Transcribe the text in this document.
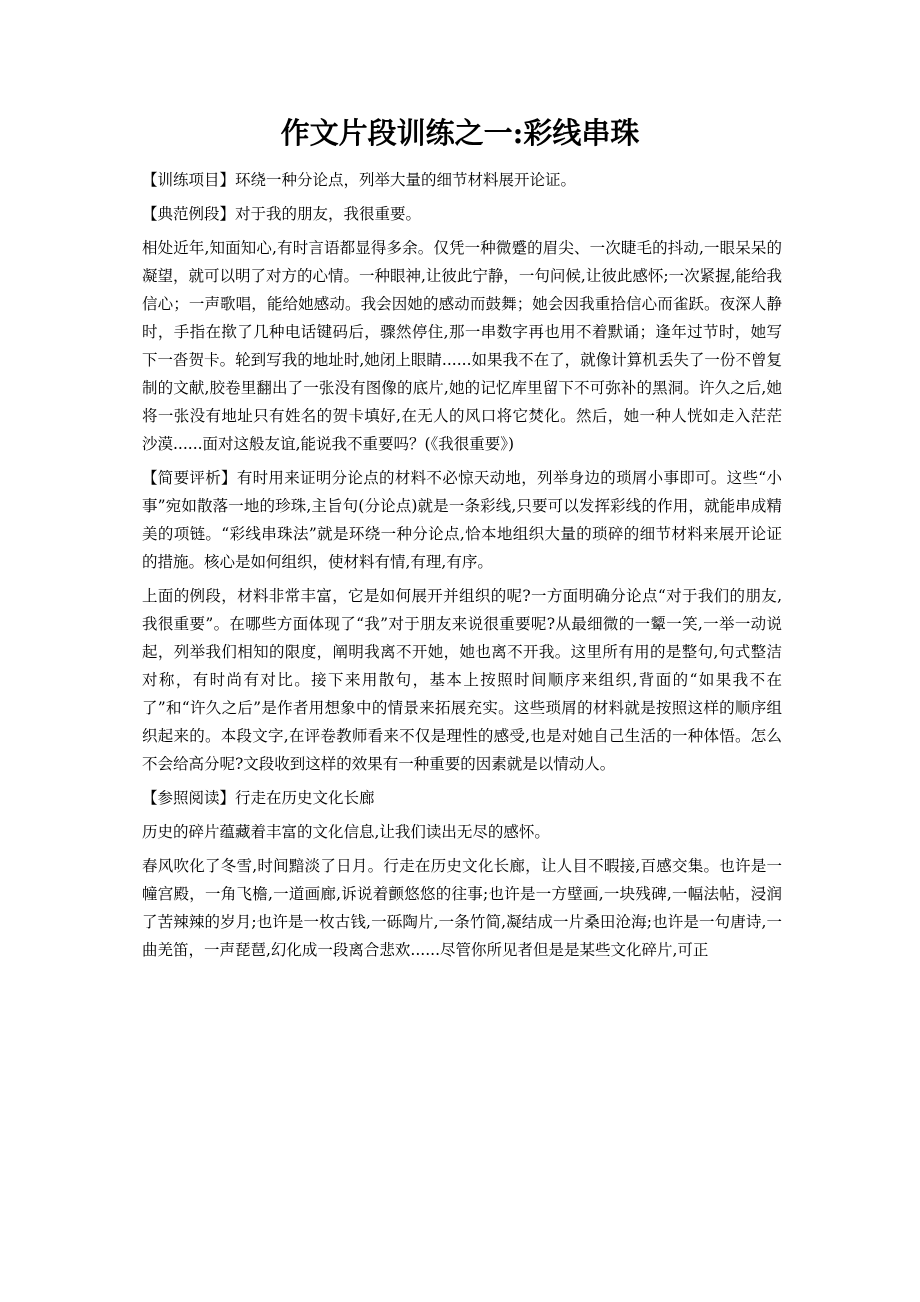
作文片段训练之一:彩线串珠

【训练项目】环绕一种分论点，列举大量的细节材料展开论证。

【典范例段】对于我的朋友，我很重要。

相处近年,知面知心,有时言语都显得多余。仅凭一种微蹙的眉尖、一次睫毛的抖动,一眼呆呆的凝望，就可以明了对方的心情。一种眼神,让彼此宁静，一句问候,让彼此感怀;一次紧握,能给我信心；一声歌唱，能给她感动。我会因她的感动而鼓舞；她会因我重拾信心而雀跃。夜深人静时，手指在揿了几种电话键码后，骤然停住,那一串数字再也用不着默诵；逢年过节时，她写下一沓贺卡。轮到写我的地址时,她闭上眼睛......如果我不在了，就像计算机丢失了一份不曾复制的文献,胶卷里翻出了一张没有图像的底片,她的记忆库里留下不可弥补的黑洞。许久之后,她将一张没有地址只有姓名的贺卡填好,在无人的风口将它焚化。然后，她一种人恍如走入茫茫沙漠......面对这般友谊,能说我不重要吗？(《我很重要》)

【简要评析】有时用来证明分论点的材料不必惊天动地，列举身边的琐屑小事即可。这些“小事”宛如散落一地的珍珠,主旨句(分论点)就是一条彩线,只要可以发挥彩线的作用，就能串成精美的项链。“彩线串珠法”就是环绕一种分论点,恰本地组织大量的琐碎的细节材料来展开论证的措施。核心是如何组织，使材料有情,有理,有序。

上面的例段，材料非常丰富，它是如何展开并组织的呢?一方面明确分论点“对于我们的朋友,我很重要”。在哪些方面体现了“我”对于朋友来说很重要呢?从最细微的一颦一笑,一举一动说起，列举我们相知的限度，阐明我离不开她，她也离不开我。这里所有用的是整句,句式整洁对称，有时尚有对比。接下来用散句，基本上按照时间顺序来组织,背面的“如果我不在了”和“许久之后”是作者用想象中的情景来拓展充实。这些琐屑的材料就是按照这样的顺序组织起来的。本段文字,在评卷教师看来不仅是理性的感受,也是对她自己生活的一种体悟。怎么不会给高分呢?文段收到这样的效果有一种重要的因素就是以情动人。

【参照阅读】行走在历史文化长廊

历史的碎片蕴藏着丰富的文化信息,让我们读出无尽的感怀。

春风吹化了冬雪,时间黯淡了日月。行走在历史文化长廊，让人目不暇接,百感交集。也许是一幢宫殿，一角飞檐,一道画廊,诉说着颤悠悠的往事;也许是一方壁画,一块残碑,一幅法帖，浸润了苦辣辣的岁月;也许是一枚古钱,一砾陶片,一条竹简,凝结成一片桑田沧海;也许是一句唐诗,一曲羌笛，一声琵琶,幻化成一段离合悲欢......尽管你所见者但是是某些文化碎片,可正
